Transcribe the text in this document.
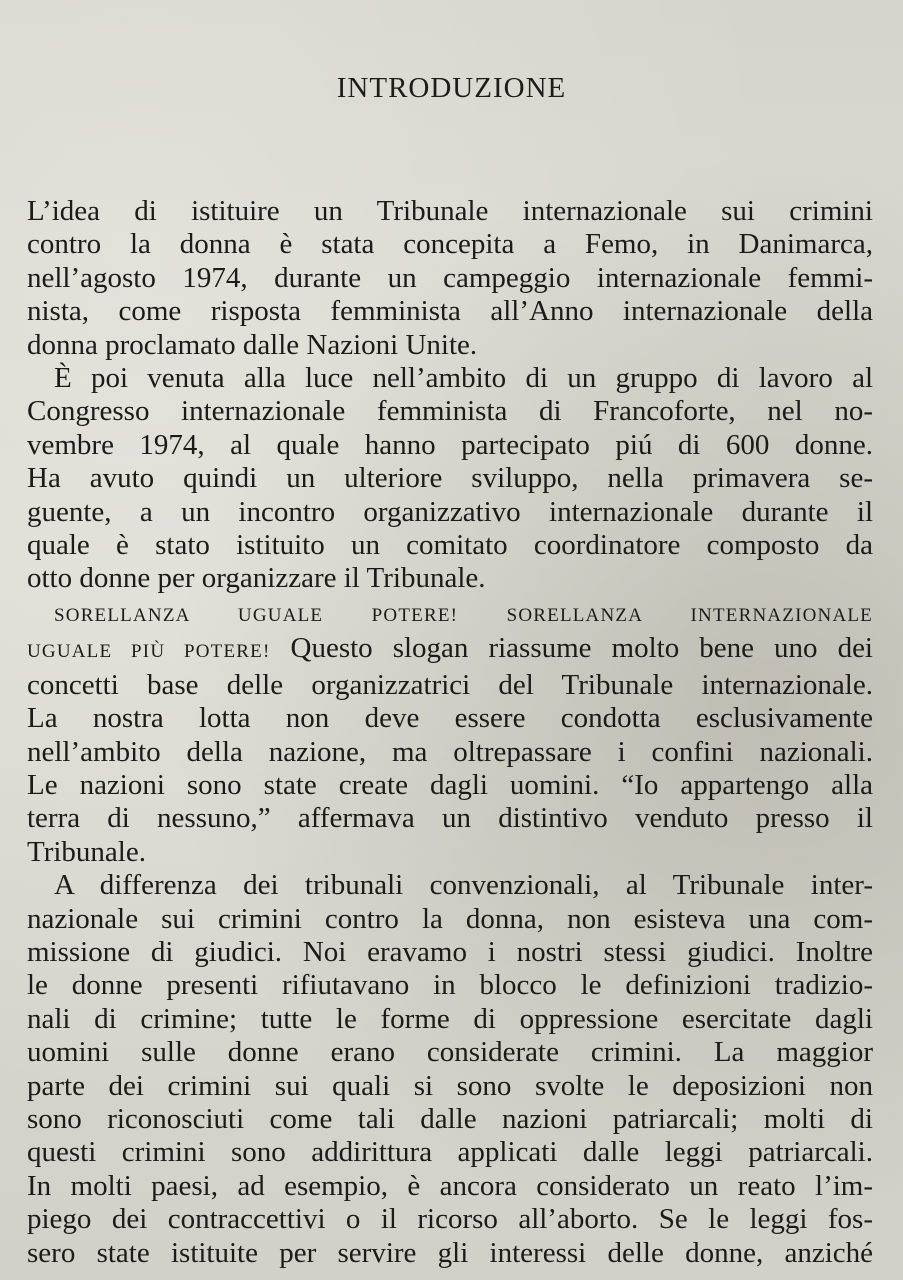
INTRODUZIONE
L’idea di istituire un Tribunale internazionale sui crimini
contro la donna è stata concepita a Femo, in Danimarca,
nell’agosto 1974, durante un campeggio internazionale femmi-
nista, come risposta femminista all’Anno internazionale della
donna proclamato dalle Nazioni Unite.
È poi venuta alla luce nell’ambito di un gruppo di lavoro al
Congresso internazionale femminista di Francoforte, nel no-
vembre 1974, al quale hanno partecipato piú di 600 donne.
Ha avuto quindi un ulteriore sviluppo, nella primavera se-
guente, a un incontro organizzativo internazionale durante il
quale è stato istituito un comitato coordinatore composto da
otto donne per organizzare il Tribunale.
SORELLANZA UGUALE POTERE! SORELLANZA INTERNAZIONALE
UGUALE PIÙ POTERE! Questo slogan riassume molto bene uno dei
concetti base delle organizzatrici del Tribunale internazionale.
La nostra lotta non deve essere condotta esclusivamente
nell’ambito della nazione, ma oltrepassare i confini nazionali.
Le nazioni sono state create dagli uomini. “Io appartengo alla
terra di nessuno,” affermava un distintivo venduto presso il
Tribunale.
A differenza dei tribunali convenzionali, al Tribunale inter-
nazionale sui crimini contro la donna, non esisteva una com-
missione di giudici. Noi eravamo i nostri stessi giudici. Inoltre
le donne presenti rifiutavano in blocco le definizioni tradizio-
nali di crimine; tutte le forme di oppressione esercitate dagli
uomini sulle donne erano considerate crimini. La maggior
parte dei crimini sui quali si sono svolte le deposizioni non
sono riconosciuti come tali dalle nazioni patriarcali; molti di
questi crimini sono addirittura applicati dalle leggi patriarcali.
In molti paesi, ad esempio, è ancora considerato un reato l’im-
piego dei contraccettivi o il ricorso all’aborto. Se le leggi fos-
sero state istituite per servire gli interessi delle donne, anziché
